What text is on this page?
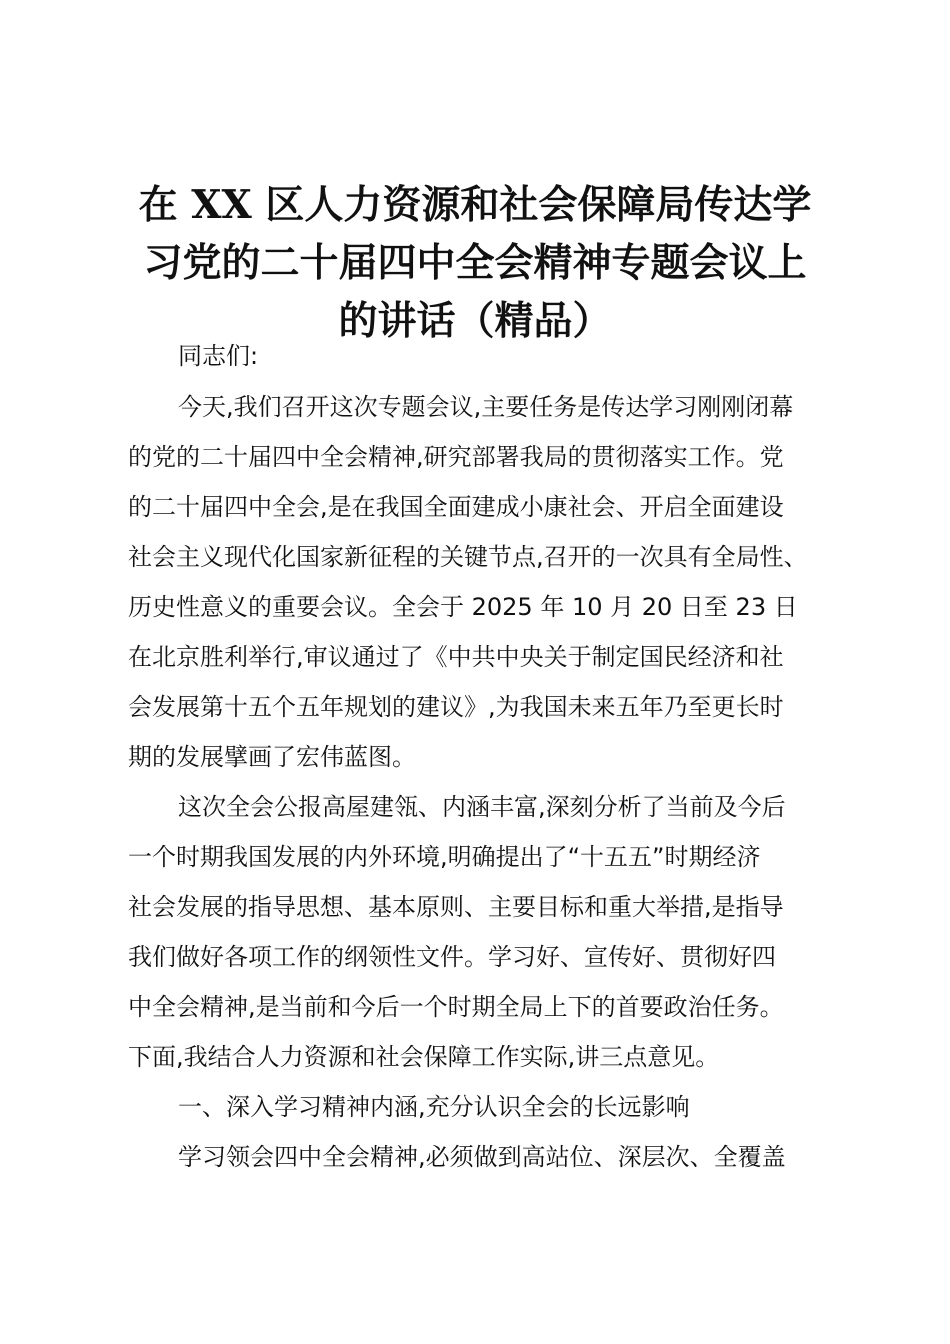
在 XX 区人力资源和社会保障局传达学
习党的二十届四中全会精神专题会议上
的讲话（精品）

同志们:

今天,我们召开这次专题会议,主要任务是传达学习刚刚闭幕

的党的二十届四中全会精神,研究部署我局的贯彻落实工作。党

的二十届四中全会,是在我国全面建成小康社会、开启全面建设

社会主义现代化国家新征程的关键节点,召开的一次具有全局性、

历史性意义的重要会议。全会于 2025 年 10 月 20 日至 23 日

在北京胜利举行,审议通过了《中共中央关于制定国民经济和社

会发展第十五个五年规划的建议》,为我国未来五年乃至更长时

期的发展擘画了宏伟蓝图。

这次全会公报高屋建瓴、内涵丰富,深刻分析了当前及今后

一个时期我国发展的内外环境,明确提出了“十五五”时期经济

社会发展的指导思想、基本原则、主要目标和重大举措,是指导

我们做好各项工作的纲领性文件。学习好、宣传好、贯彻好四

中全会精神,是当前和今后一个时期全局上下的首要政治任务。

下面,我结合人力资源和社会保障工作实际,讲三点意见。

一、深入学习精神内涵,充分认识全会的长远影响

学习领会四中全会精神,必须做到高站位、深层次、全覆盖
